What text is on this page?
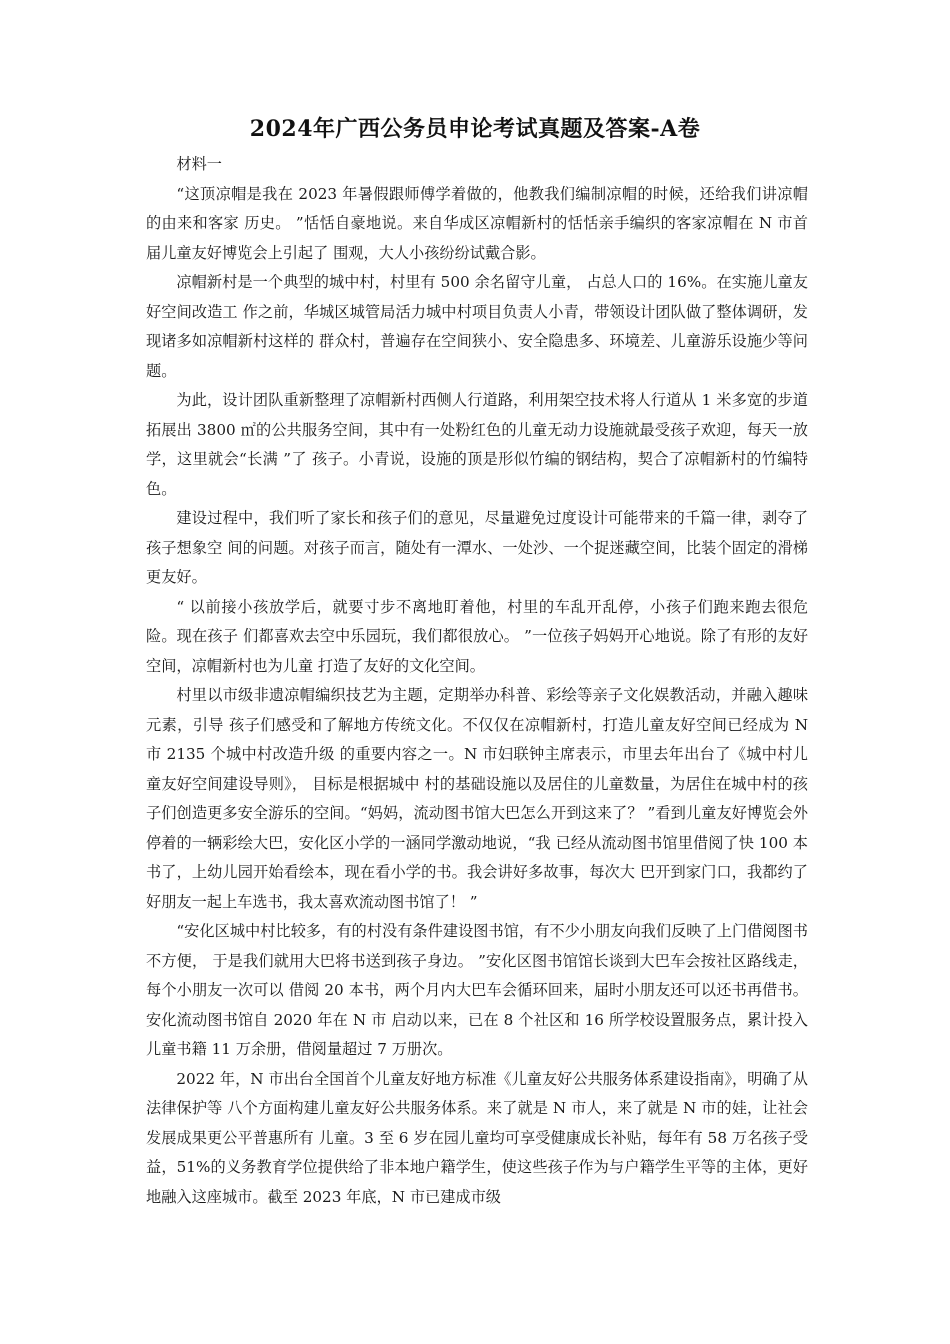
2024年广西公务员申论考试真题及答案-A卷

材料一

“这顶凉帽是我在 2023 年暑假跟师傅学着做的，他教我们编制凉帽的时候，还给我们讲凉帽的由来和客家 历史。 ”恬恬自豪地说。来自华成区凉帽新村的恬恬亲手编织的客家凉帽在 N 市首届儿童友好博览会上引起了 围观，大人小孩纷纷试戴合影。

凉帽新村是一个典型的城中村，村里有 500 余名留守儿童， 占总人口的 16%。在实施儿童友好空间改造工 作之前，华城区城管局活力城中村项目负责人小青，带领设计团队做了整体调研，发现诸多如凉帽新村这样的 群众村，普遍存在空间狭小、安全隐患多、环境差、儿童游乐设施少等问题。

为此，设计团队重新整理了凉帽新村西侧人行道路，利用架空技术将人行道从 1 米多宽的步道拓展出 3800 ㎡的公共服务空间，其中有一处粉红色的儿童无动力设施就最受孩子欢迎，每天一放学，这里就会“长满 ”了 孩子。小青说，设施的顶是形似竹编的钢结构，契合了凉帽新村的竹编特色。

建设过程中，我们听了家长和孩子们的意见，尽量避免过度设计可能带来的千篇一律，剥夺了孩子想象空 间的问题。对孩子而言，随处有一潭水、一处沙、一个捉迷藏空间，比装个固定的滑梯更友好。

“ 以前接小孩放学后，就要寸步不离地盯着他，村里的车乱开乱停，小孩子们跑来跑去很危险。现在孩子 们都喜欢去空中乐园玩，我们都很放心。 ”一位孩子妈妈开心地说。除了有形的友好空间，凉帽新村也为儿童 打造了友好的文化空间。

村里以市级非遗凉帽编织技艺为主题，定期举办科普、彩绘等亲子文化娱教活动，并融入趣味元素，引导 孩子们感受和了解地方传统文化。不仅仅在凉帽新村，打造儿童友好空间已经成为 N 市 2135 个城中村改造升级 的重要内容之一。N 市妇联钟主席表示，市里去年出台了《城中村儿童友好空间建设导则》， 目标是根据城中 村的基础设施以及居住的儿童数量，为居住在城中村的孩子们创造更多安全游乐的空间。“妈妈，流动图书馆大巴怎么开到这来了？ ”看到儿童友好博览会外停着的一辆彩绘大巴，安化区小学的一涵同学激动地说，“我 已经从流动图书馆里借阅了快 100 本书了，上幼儿园开始看绘本，现在看小学的书。我会讲好多故事，每次大 巴开到家门口，我都约了好朋友一起上车选书，我太喜欢流动图书馆了！ ”

“安化区城中村比较多，有的村没有条件建设图书馆，有不少小朋友向我们反映了上门借阅图书不方便， 于是我们就用大巴将书送到孩子身边。 ”安化区图书馆馆长谈到大巴车会按社区路线走，每个小朋友一次可以 借阅 20 本书，两个月内大巴车会循环回来，届时小朋友还可以还书再借书。安化流动图书馆自 2020 年在 N 市 启动以来，已在 8 个社区和 16 所学校设置服务点，累计投入儿童书籍 11 万余册，借阅量超过 7 万册次。

2022 年，N 市出台全国首个儿童友好地方标准《儿童友好公共服务体系建设指南》，明确了从法律保护等 八个方面构建儿童友好公共服务体系。来了就是 N 市人，来了就是 N 市的娃，让社会发展成果更公平普惠所有 儿童。3 至 6 岁在园儿童均可享受健康成长补贴，每年有 58 万名孩子受益，51%的义务教育学位提供给了非本地户籍学生，使这些孩子作为与户籍学生平等的主体，更好地融入这座城市。截至 2023 年底，N 市已建成市级
